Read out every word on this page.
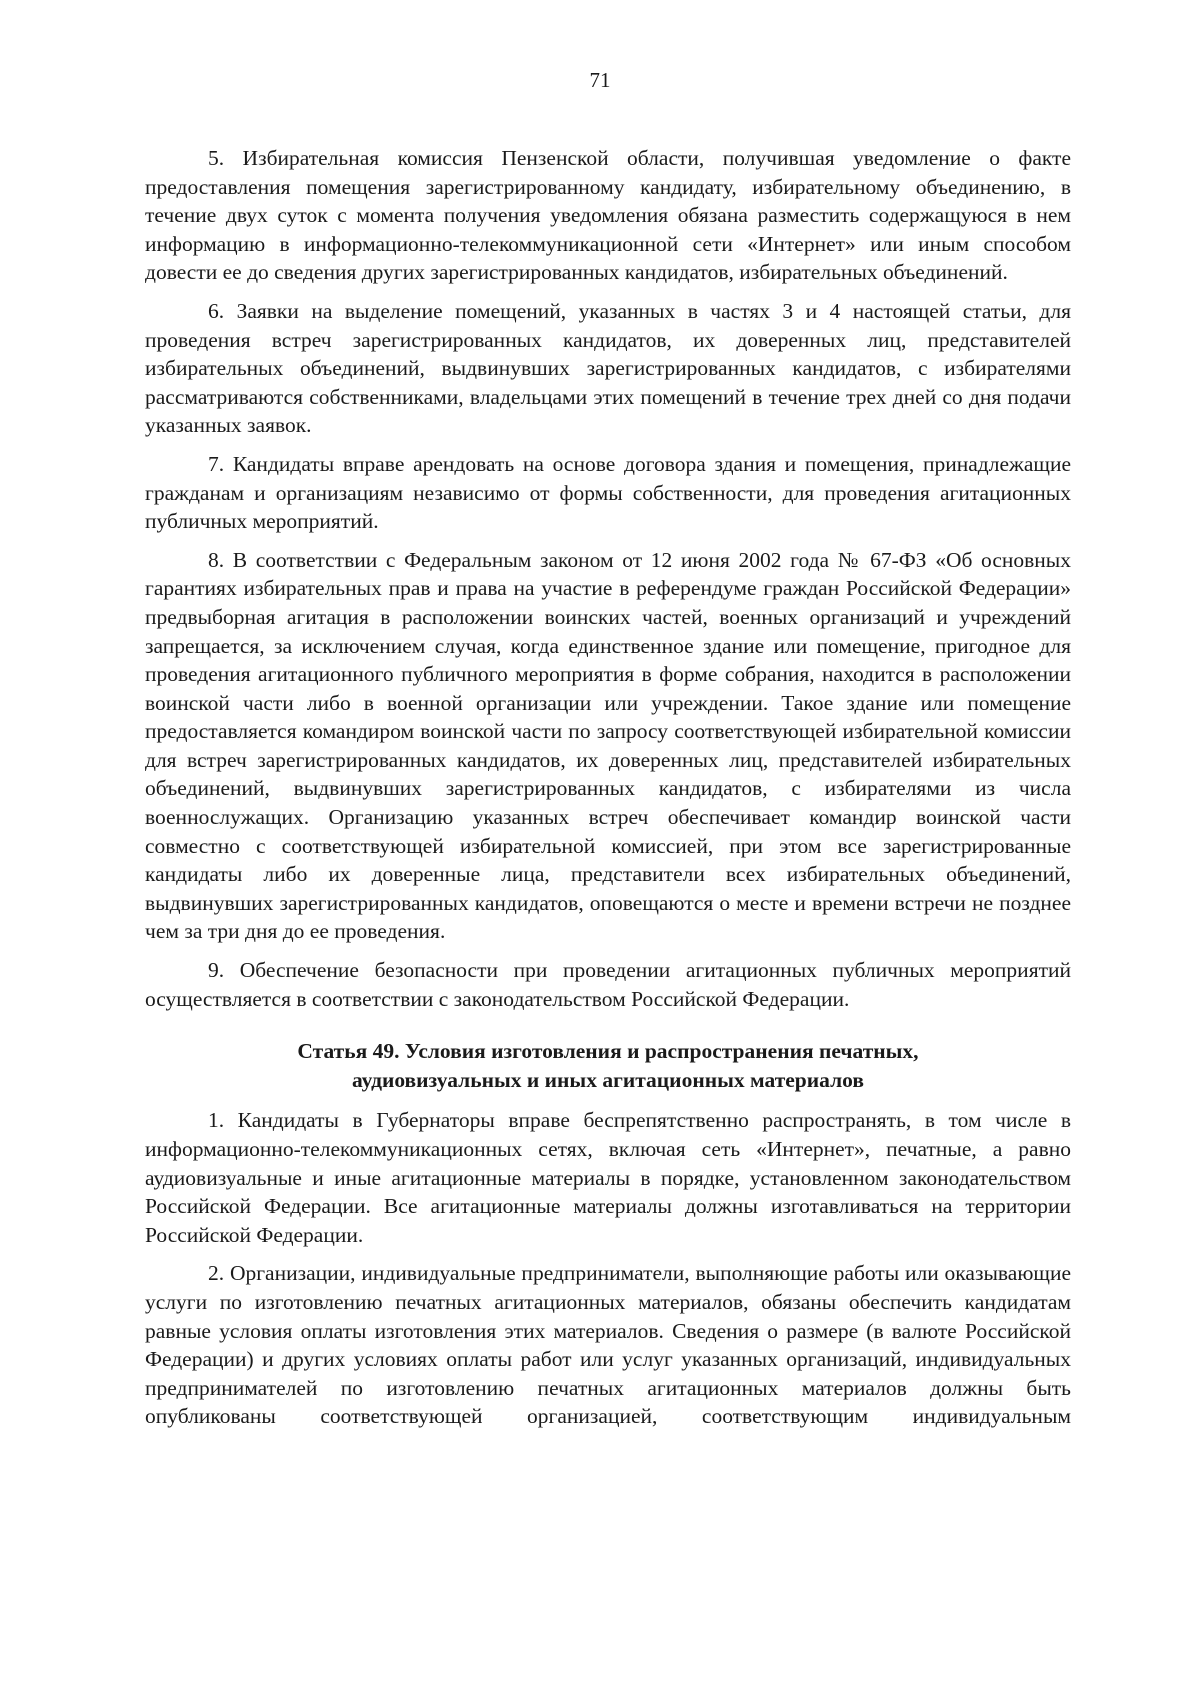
71

5. Избирательная комиссия Пензенской области, получившая уведомление о факте предоставления помещения зарегистрированному кандидату, избирательному объединению, в течение двух суток с момента получения уведомления обязана разместить содержащуюся в нем информацию в информационно-телекоммуникационной сети «Интернет» или иным способом довести ее до сведения других зарегистрированных кандидатов, избирательных объединений.

6. Заявки на выделение помещений, указанных в частях 3 и 4 настоящей статьи, для проведения встреч зарегистрированных кандидатов, их доверенных лиц, представителей избирательных объединений, выдвинувших зарегистрированных кандидатов, с избирателями рассматриваются собственниками, владельцами этих помещений в течение трех дней со дня подачи указанных заявок.

7. Кандидаты вправе арендовать на основе договора здания и помещения, принадлежащие гражданам и организациям независимо от формы собственности, для проведения агитационных публичных мероприятий.

8. В соответствии с Федеральным законом от 12 июня 2002 года № 67-ФЗ «Об основных гарантиях избирательных прав и права на участие в референдуме граждан Российской Федерации» предвыборная агитация в расположении воинских частей, военных организаций и учреждений запрещается, за исключением случая, когда единственное здание или помещение, пригодное для проведения агитационного публичного мероприятия в форме собрания, находится в расположении воинской части либо в военной организации или учреждении. Такое здание или помещение предоставляется командиром воинской части по запросу соответствующей избирательной комиссии для встреч зарегистрированных кандидатов, их доверенных лиц, представителей избирательных объединений, выдвинувших зарегистрированных кандидатов, с избирателями из числа военнослужащих. Организацию указанных встреч обеспечивает командир воинской части совместно с соответствующей избирательной комиссией, при этом все зарегистрированные кандидаты либо их доверенные лица, представители всех избирательных объединений, выдвинувших зарегистрированных кандидатов, оповещаются о месте и времени встречи не позднее чем за три дня до ее проведения.

9. Обеспечение безопасности при проведении агитационных публичных мероприятий осуществляется в соответствии с законодательством Российской Федерации.

Статья 49. Условия изготовления и распространения печатных,
аудиовизуальных и иных агитационных материалов

1. Кандидаты в Губернаторы вправе беспрепятственно распространять, в том числе в информационно-телекоммуникационных сетях, включая сеть «Интернет», печатные, а равно аудиовизуальные и иные агитационные материалы в порядке, установленном законодательством Российской Федерации. Все агитационные материалы должны изготавливаться на территории Российской Федерации.

2. Организации, индивидуальные предприниматели, выполняющие работы или оказывающие услуги по изготовлению печатных агитационных материалов, обязаны обеспечить кандидатам равные условия оплаты изготовления этих материалов. Сведения о размере (в валюте Российской Федерации) и других условиях оплаты работ или услуг указанных организаций, индивидуальных предпринимателей по изготовлению печатных агитационных материалов должны быть опубликованы соответствующей организацией, соответствующим индивидуальным
